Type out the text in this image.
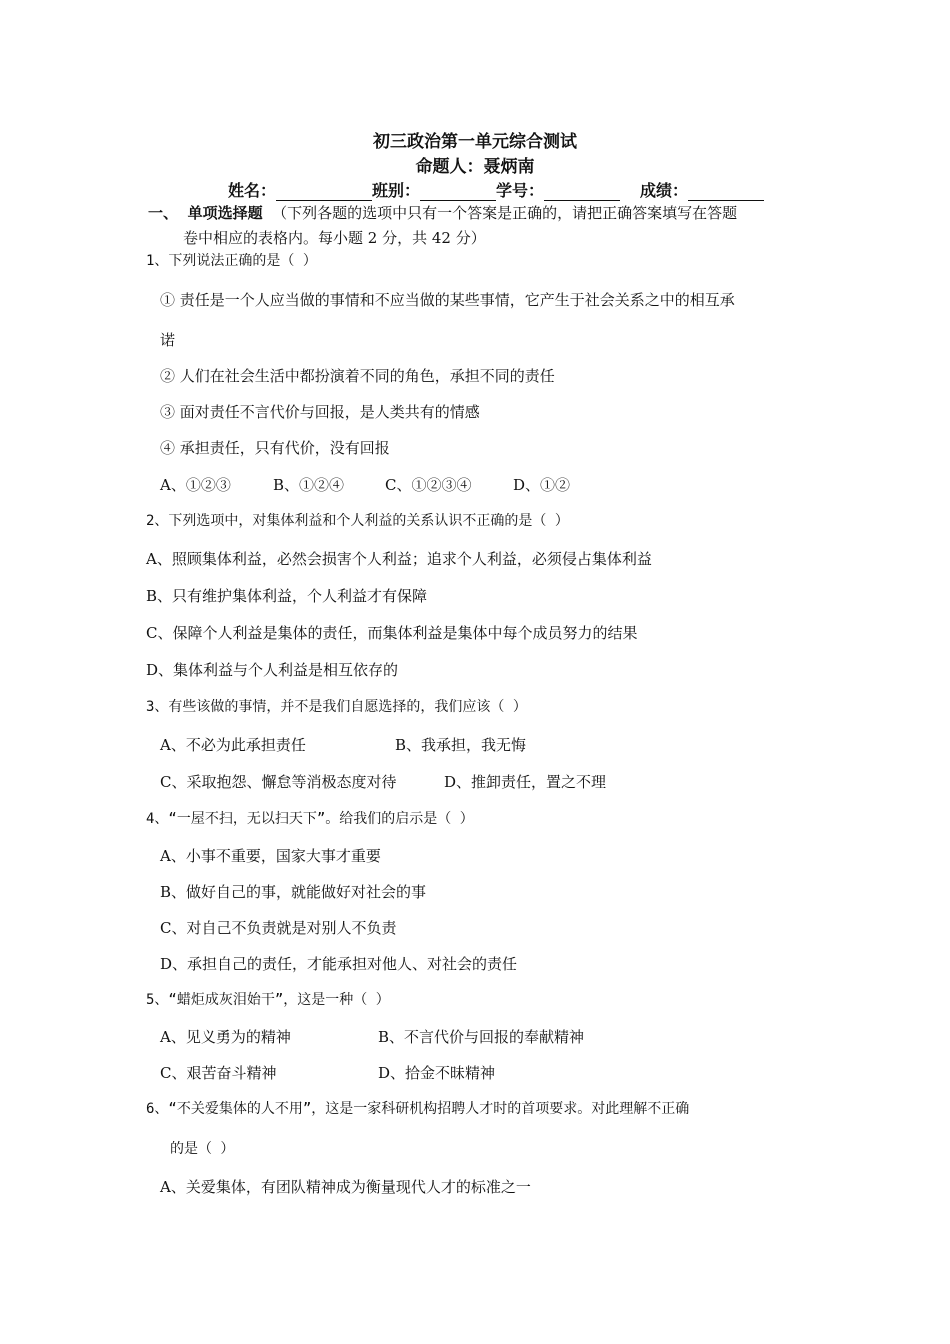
初三政治第一单元综合测试
命题人：聂炳南
姓名：	班别：	学号：	成绩：
一、 单项选择题 （下列各题的选项中只有一个答案是正确的，请把正确答案填写在答题
卷中相应的表格内。每小题 2 分，共 42 分）
1、下列说法正确的是（ ）
① 责任是一个人应当做的事情和不应当做的某些事情，它产生于社会关系之中的相互承
诺
② 人们在社会生活中都扮演着不同的角色，承担不同的责任
③ 面对责任不言代价与回报，是人类共有的情感
④ 承担责任，只有代价，没有回报
A、①②③	B、①②④	C、①②③④	D、①②
2、下列选项中，对集体利益和个人利益的关系认识不正确的是（ ）
A、照顾集体利益，必然会损害个人利益；追求个人利益，必须侵占集体利益
B、只有维护集体利益，个人利益才有保障
C、保障个人利益是集体的责任，而集体利益是集体中每个成员努力的结果
D、集体利益与个人利益是相互依存的
3、有些该做的事情，并不是我们自愿选择的，我们应该（ ）
A、不必为此承担责任	B、我承担，我无悔
C、采取抱怨、懈怠等消极态度对待	D、推卸责任，置之不理
4、“一屋不扫，无以扫天下”。给我们的启示是（ ）
A、小事不重要，国家大事才重要
B、做好自己的事，就能做好对社会的事
C、对自己不负责就是对别人不负责
D、承担自己的责任，才能承担对他人、对社会的责任
5、“蜡炬成灰泪始干”，这是一种（ ）
A、见义勇为的精神	B、不言代价与回报的奉献精神
C、艰苦奋斗精神	D、拾金不昧精神
6、“不关爱集体的人不用”，这是一家科研机构招聘人才时的首项要求。对此理解不正确
的是（ ）
A、关爱集体，有团队精神成为衡量现代人才的标准之一
